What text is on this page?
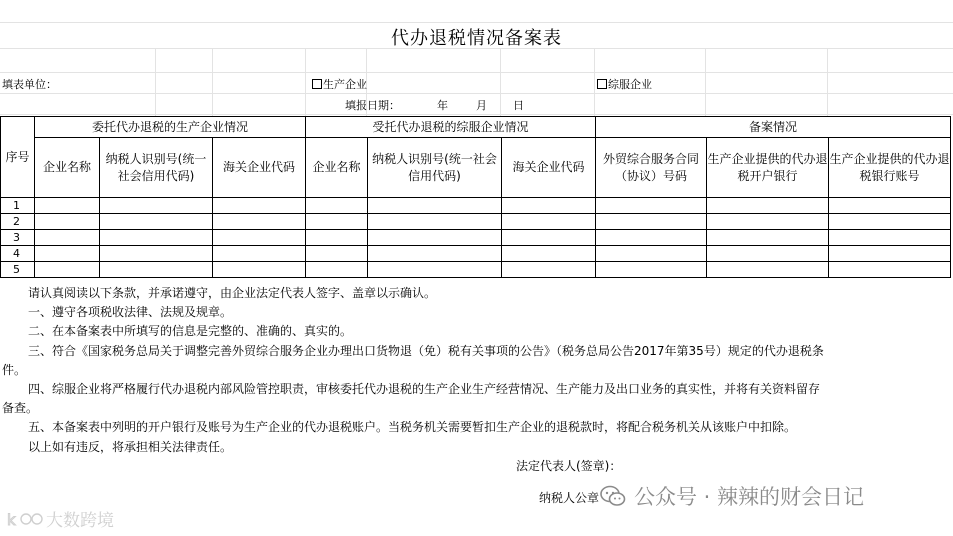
代办退税情况备案表
填表单位：	生产企业	综服企业
填报日期：	年	月 日
序号	委托代办退税的生产企业情况			受托代办退税的综服企业情况			备案情况		
	企业名称	纳税人识别号(统一社会信用代码)	海关企业代码	企业名称	纳税人识别号(统一社会信用代码)	海关企业代码	外贸综合服务合同（协议）号码	生产企业提供的代办退税开户银行	生产企业提供的代办退税银行账号
1									
2									
3									
4									
5									
请认真阅读以下条款，并承诺遵守，由企业法定代表人签字、盖章以示确认。
一、遵守各项税收法律、法规及规章。
二、在本备案表中所填写的信息是完整的、准确的、真实的。
三、符合《国家税务总局关于调整完善外贸综合服务企业办理出口货物退（免）税有关事项的公告》（税务总局公告2017年第35号）规定的代办退税条
件。
四、综服企业将严格履行代办退税内部风险管控职责，审核委托代办退税的生产企业生产经营情况、生产能力及出口业务的真实性，并将有关资料留存
备查。
五、本备案表中列明的开户银行及账号为生产企业的代办退税账户。当税务机关需要暂扣生产企业的退税款时，将配合税务机关从该账户中扣除。
以上如有违反，将承担相关法律责任。
法定代表人(签章)：
纳税人公章 公众号 · 辣辣的财会日记
k 大数跨境
